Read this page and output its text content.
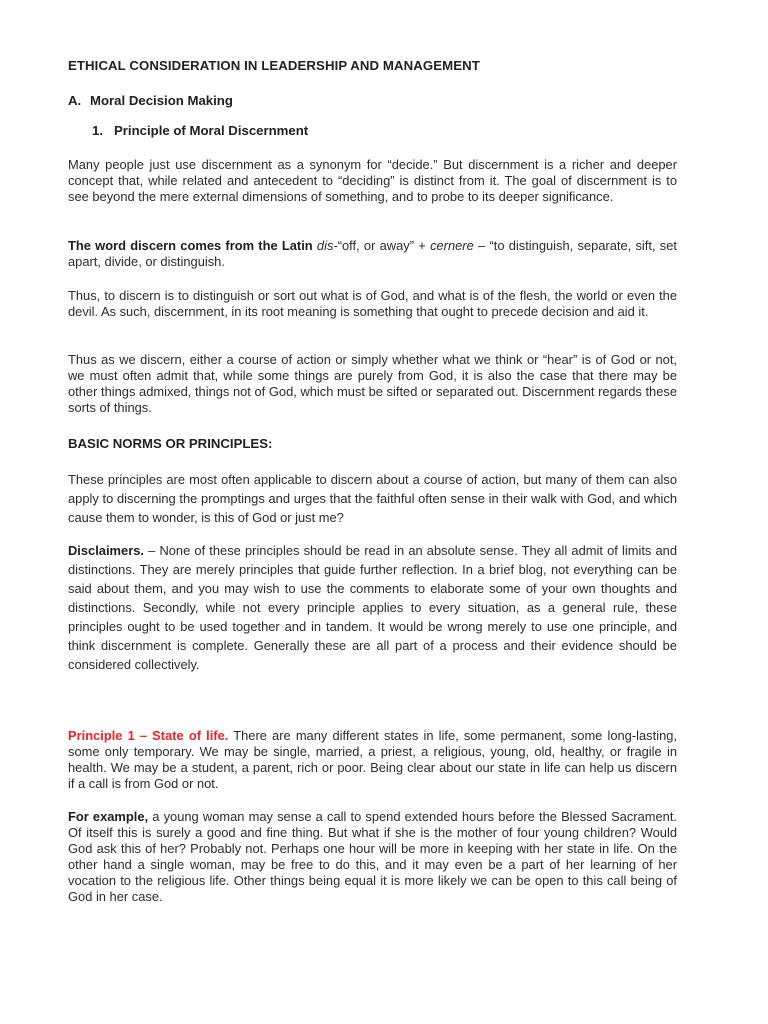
ETHICAL CONSIDERATION IN LEADERSHIP AND MANAGEMENT
A. Moral Decision Making
1. Principle of Moral Discernment

Many people just use discernment as a synonym for “decide.” But discernment is a richer and deeper concept that, while related and antecedent to “deciding” is distinct from it. The goal of discernment is to see beyond the mere external dimensions of something, and to probe to its deeper significance.

The word discern comes from the Latin dis-“off, or away” + cernere – “to distinguish, separate, sift, set apart, divide, or distinguish.

Thus, to discern is to distinguish or sort out what is of God, and what is of the flesh, the world or even the devil. As such, discernment, in its root meaning is something that ought to precede decision and aid it.

Thus as we discern, either a course of action or simply whether what we think or “hear” is of God or not, we must often admit that, while some things are purely from God, it is also the case that there may be other things admixed, things not of God, which must be sifted or separated out. Discernment regards these sorts of things.

BASIC NORMS OR PRINCIPLES:

These principles are most often applicable to discern about a course of action, but many of them can also apply to discerning the promptings and urges that the faithful often sense in their walk with God, and which cause them to wonder, is this of God or just me?

Disclaimers. – None of these principles should be read in an absolute sense. They all admit of limits and distinctions. They are merely principles that guide further reflection. In a brief blog, not everything can be said about them, and you may wish to use the comments to elaborate some of your own thoughts and distinctions. Secondly, while not every principle applies to every situation, as a general rule, these principles ought to be used together and in tandem. It would be wrong merely to use one principle, and think discernment is complete. Generally these are all part of a process and their evidence should be considered collectively.

Principle 1 – State of life. There are many different states in life, some permanent, some long-lasting, some only temporary. We may be single, married, a priest, a religious, young, old, healthy, or fragile in health. We may be a student, a parent, rich or poor. Being clear about our state in life can help us discern if a call is from God or not.

For example, a young woman may sense a call to spend extended hours before the Blessed Sacrament. Of itself this is surely a good and fine thing. But what if she is the mother of four young children? Would God ask this of her? Probably not. Perhaps one hour will be more in keeping with her state in life. On the other hand a single woman, may be free to do this, and it may even be a part of her learning of her vocation to the religious life. Other things being equal it is more likely we can be open to this call being of God in her case.
